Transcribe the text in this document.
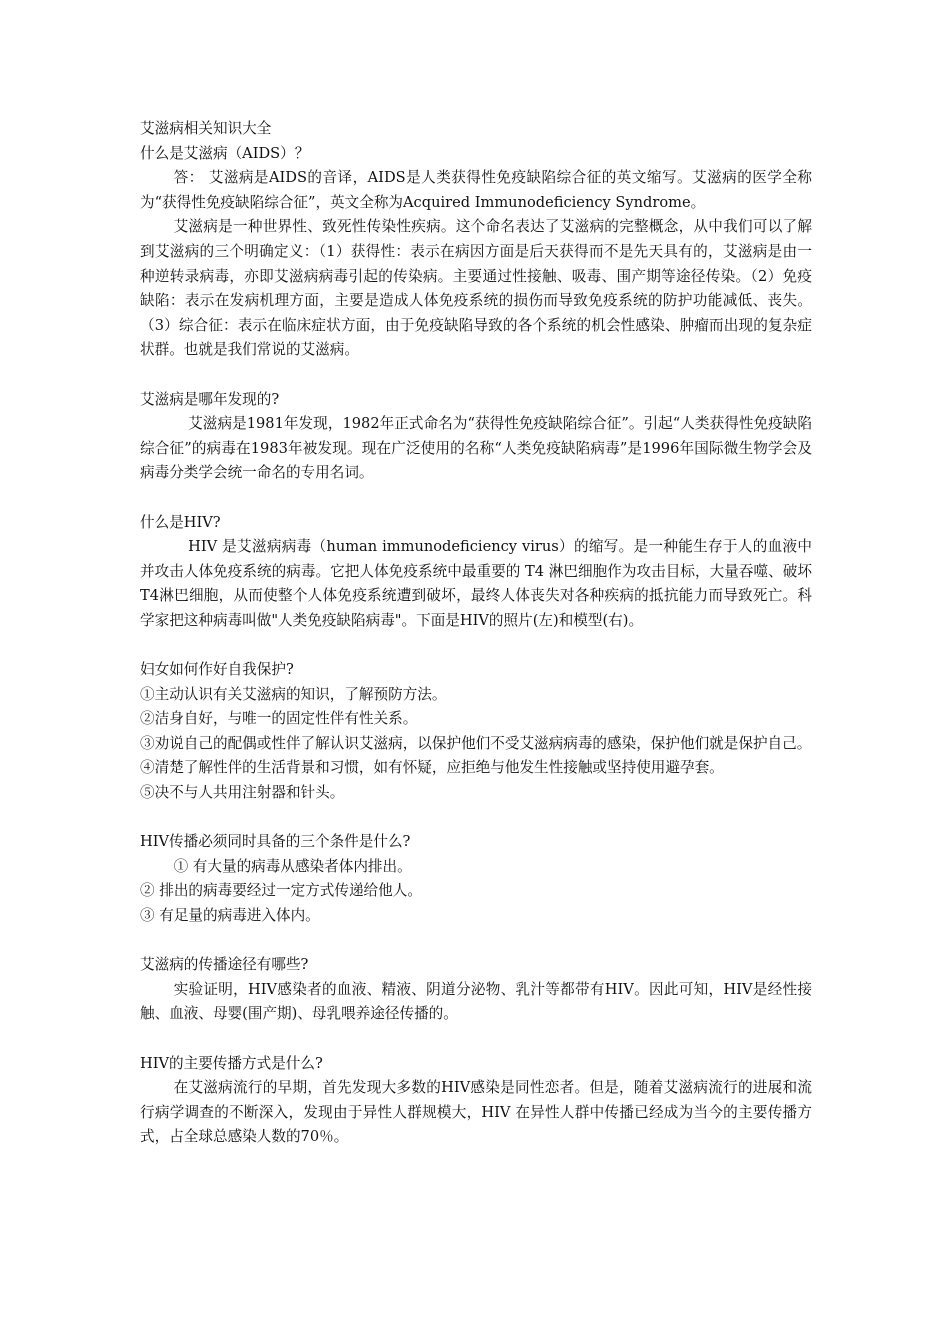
艾滋病相关知识大全
什么是艾滋病（AIDS）？

答： 艾滋病是AIDS的音译，AIDS是人类获得性免疫缺陷综合征的英文缩写。艾滋病的医学全称为“获得性免疫缺陷综合征”，英文全称为Acquired Immunodeficiency Syndrome。

艾滋病是一种世界性、致死性传染性疾病。这个命名表达了艾滋病的完整概念，从中我们可以了解到艾滋病的三个明确定义：（1）获得性：表示在病因方面是后天获得而不是先天具有的，艾滋病是由一种逆转录病毒，亦即艾滋病病毒引起的传染病。主要通过性接触、吸毒、围产期等途径传染。（2）免疫缺陷：表示在发病机理方面，主要是造成人体免疫系统的损伤而导致免疫系统的防护功能减低、丧失。（3）综合征：表示在临床症状方面，由于免疫缺陷导致的各个系统的机会性感染、肿瘤而出现的复杂症状群。也就是我们常说的艾滋病。

艾滋病是哪年发现的?

艾滋病是1981年发现，1982年正式命名为“获得性免疫缺陷综合征”。引起“人类获得性免疫缺陷综合征”的病毒在1983年被发现。现在广泛使用的名称“人类免疫缺陷病毒”是1996年国际微生物学会及病毒分类学会统一命名的专用名词。

什么是HIV?

HIV 是艾滋病病毒（human immunodeficiency virus）的缩写。是一种能生存于人的血液中并攻击人体免疫系统的病毒。它把人体免疫系统中最重要的 T4 淋巴细胞作为攻击目标，大量吞噬、破坏T4淋巴细胞，从而使整个人体免疫系统遭到破坏，最终人体丧失对各种疾病的抵抗能力而导致死亡。科学家把这种病毒叫做"人类免疫缺陷病毒"。下面是HIV的照片(左)和模型(右)。

妇女如何作好自我保护?

①主动认识有关艾滋病的知识，了解预防方法。

②洁身自好，与唯一的固定性伴有性关系。

③劝说自己的配偶或性伴了解认识艾滋病，以保护他们不受艾滋病病毒的感染，保护他们就是保护自己。

④清楚了解性伴的生活背景和习惯，如有怀疑，应拒绝与他发生性接触或坚持使用避孕套。

⑤决不与人共用注射器和针头。

HIV传播必须同时具备的三个条件是什么?

① 有大量的病毒从感染者体内排出。

② 排出的病毒要经过一定方式传递给他人。

③ 有足量的病毒进入体内。

艾滋病的传播途径有哪些?

实验证明，HIV感染者的血液、精液、阴道分泌物、乳汁等都带有HIV。因此可知，HIV是经性接触、血液、母婴(围产期)、母乳喂养途径传播的。

HIV的主要传播方式是什么?

在艾滋病流行的早期，首先发现大多数的HIV感染是同性恋者。但是，随着艾滋病流行的进展和流行病学调查的不断深入，发现由于异性人群规模大，HIV 在异性人群中传播已经成为当今的主要传播方式，占全球总感染人数的70％。
